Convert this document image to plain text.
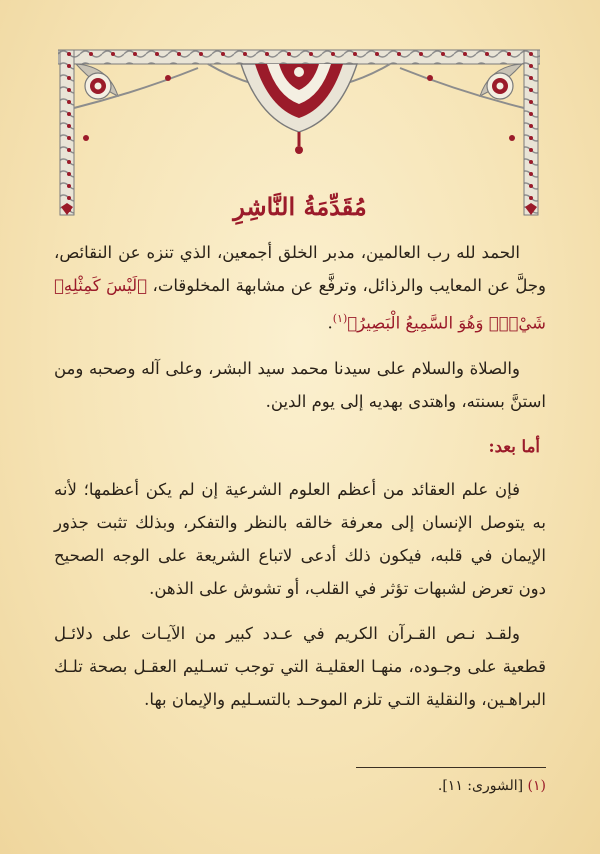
مُقَدِّمَةُ النَّاشِرِ

الحمد لله رب العالمين، مدبر الخلق أجمعين، الذي تنزه عن النقائص، وجلَّ عن المعايب والرذائل، وترفَّع عن مشابهة المخلوقات، ﴿لَيْسَ كَمِثْلِهِۦ شَيْءٌۖ وَهُوَ السَّمِيعُ الْبَصِيرُ﴾$^{(١)}$.

والصلاة والسلام على سيدنا محمد سيد البشر، وعلى آله وصحبه ومن استنَّ بسنته، واهتدى بهديه إلى يوم الدين.

أما بعد:

فإن علم العقائد من أعظم العلوم الشرعية إن لم يكن أعظمها؛ لأنه به يتوصل الإنسان إلى معرفة خالقه بالنظر والتفكر، وبذلك تثبت جذور الإيمان في قلبه، فيكون ذلك أدعى لاتباع الشريعة على الوجه الصحيح دون تعرض لشبهات تؤثر في القلب، أو تشوش على الذهن.

ولقـد نـص القـرآن الكريم في عـدد كبير من الآيـات على دلائـل قطعية على وجـوده، منهـا العقليـة التي توجب تسـليم العقـل بصحة تلـك البراهـين، والنقلية التـي تلزم الموحـد بالتسـليم والإيمان بها.

(١) [الشورى: ١١].
